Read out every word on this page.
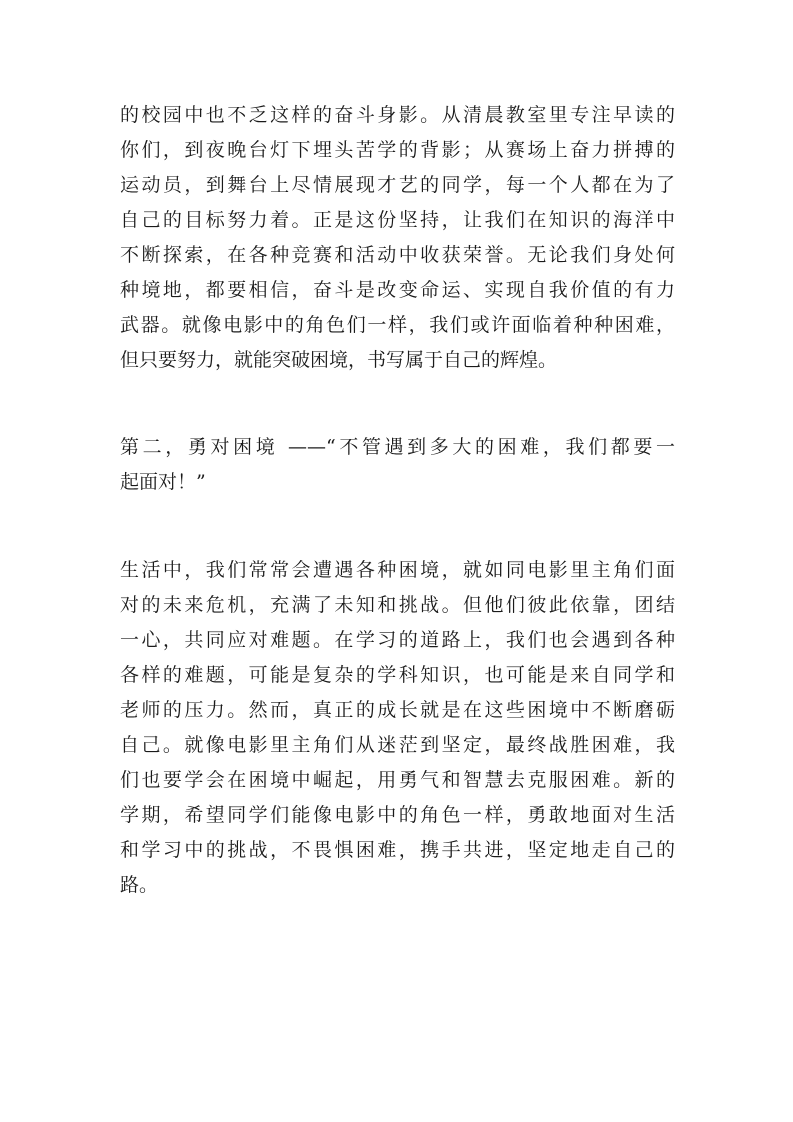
的校园中也不乏这样的奋斗身影。从清晨教室里专注早读的
你们，到夜晚台灯下埋头苦学的背影；从赛场上奋力拼搏的
运动员，到舞台上尽情展现才艺的同学，每一个人都在为了
自己的目标努力着。正是这份坚持，让我们在知识的海洋中
不断探索，在各种竞赛和活动中收获荣誉。无论我们身处何
种境地，都要相信，奋斗是改变命运、实现自我价值的有力
武器。就像电影中的角色们一样，我们或许面临着种种困难，
但只要努力，就能突破困境，书写属于自己的辉煌。
第二，勇对困境 ——“不管遇到多大的困难，我们都要一
起面对！”
生活中，我们常常会遭遇各种困境，就如同电影里主角们面
对的未来危机，充满了未知和挑战。但他们彼此依靠，团结
一心，共同应对难题。在学习的道路上，我们也会遇到各种
各样的难题，可能是复杂的学科知识，也可能是来自同学和
老师的压力。然而，真正的成长就是在这些困境中不断磨砺
自己。就像电影里主角们从迷茫到坚定，最终战胜困难，我
们也要学会在困境中崛起，用勇气和智慧去克服困难。新的
学期，希望同学们能像电影中的角色一样，勇敢地面对生活
和学习中的挑战，不畏惧困难，携手共进，坚定地走自己的
路。
